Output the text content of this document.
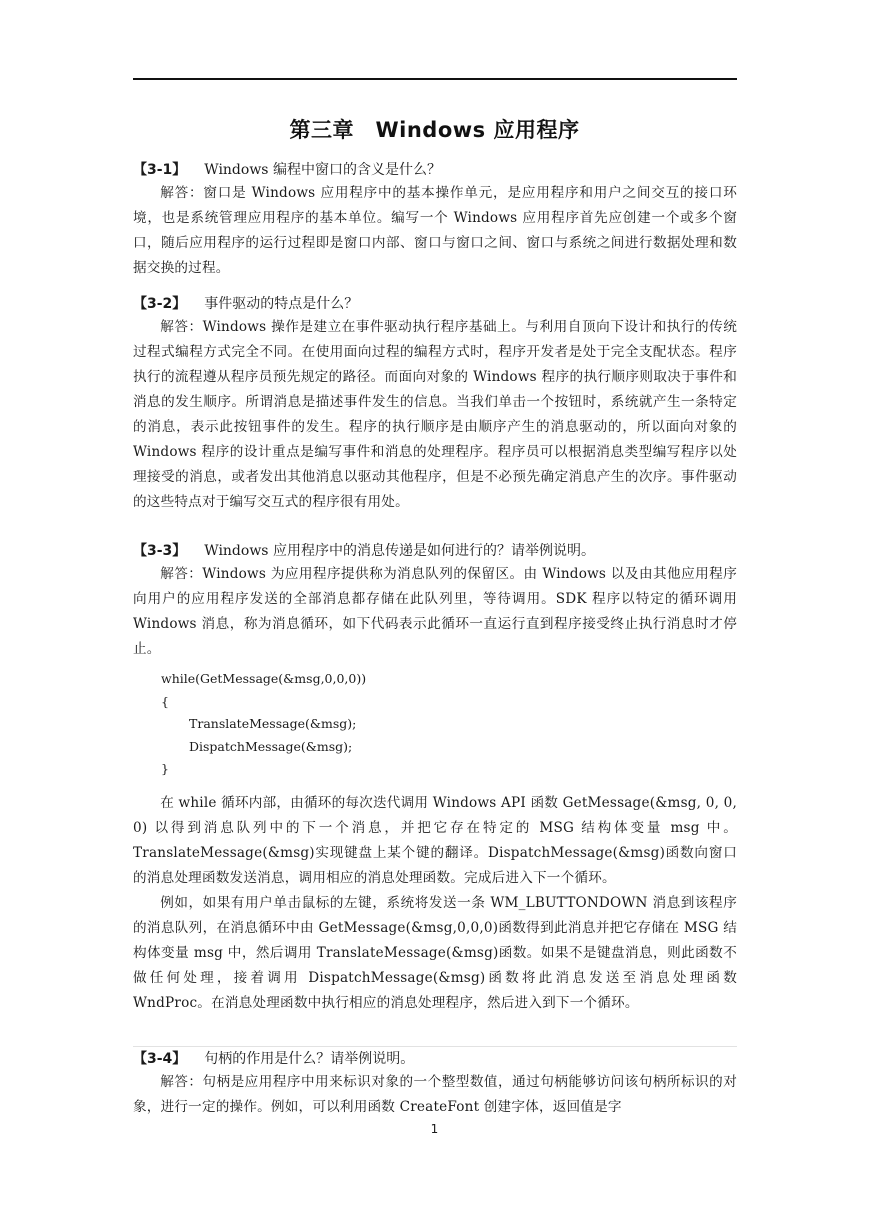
第三章　Windows 应用程序
【3-1】 Windows 编程中窗口的含义是什么？

解答：窗口是 Windows 应用程序中的基本操作单元，是应用程序和用户之间交互的接口环境，也是系统管理应用程序的基本单位。编写一个 Windows 应用程序首先应创建一个或多个窗口，随后应用程序的运行过程即是窗口内部、窗口与窗口之间、窗口与系统之间进行数据处理和数据交换的过程。

【3-2】 事件驱动的特点是什么？

解答：Windows 操作是建立在事件驱动执行程序基础上。与利用自顶向下设计和执行的传统过程式编程方式完全不同。在使用面向过程的编程方式时，程序开发者是处于完全支配状态。程序执行的流程遵从程序员预先规定的路径。而面向对象的 Windows 程序的执行顺序则取决于事件和消息的发生顺序。所谓消息是描述事件发生的信息。当我们单击一个按钮时，系统就产生一条特定的消息，表示此按钮事件的发生。程序的执行顺序是由顺序产生的消息驱动的，所以面向对象的 Windows 程序的设计重点是编写事件和消息的处理程序。程序员可以根据消息类型编写程序以处理接受的消息，或者发出其他消息以驱动其他程序，但是不必预先确定消息产生的次序。事件驱动的这些特点对于编写交互式的程序很有用处。

【3-3】 Windows 应用程序中的消息传递是如何进行的？请举例说明。

解答：Windows 为应用程序提供称为消息队列的保留区。由 Windows 以及由其他应用程序向用户的应用程序发送的全部消息都存储在此队列里，等待调用。SDK 程序以特定的循环调用 Windows 消息，称为消息循环，如下代码表示此循环一直运行直到程序接受终止执行消息时才停止。

while(GetMessage(&msg,0,0,0))
{
TranslateMessage(&msg);
DispatchMessage(&msg);
}

在 while 循环内部，由循环的每次迭代调用 Windows API 函数 GetMessage(&msg, 0, 0, 0) 以得到消息队列中的下一个消息，并把它存在特定的 MSG 结构体变量 msg 中。TranslateMessage(&msg)实现键盘上某个键的翻译。DispatchMessage(&msg)函数向窗口的消息处理函数发送消息，调用相应的消息处理函数。完成后进入下一个循环。

例如，如果有用户单击鼠标的左键，系统将发送一条 WM_LBUTTONDOWN 消息到该程序的消息队列，在消息循环中由 GetMessage(&msg,0,0,0)函数得到此消息并把它存储在 MSG 结构体变量 msg 中，然后调用 TranslateMessage(&msg)函数。如果不是键盘消息，则此函数不做任何处理，接着调用 DispatchMessage(&msg)函数将此消息发送至消息处理函数 WndProc。在消息处理函数中执行相应的消息处理程序，然后进入到下一个循环。

【3-4】 句柄的作用是什么？请举例说明。

解答：句柄是应用程序中用来标识对象的一个整型数值，通过句柄能够访问该句柄所标识的对象，进行一定的操作。例如，可以利用函数 CreateFont 创建字体，返回值是字

1
